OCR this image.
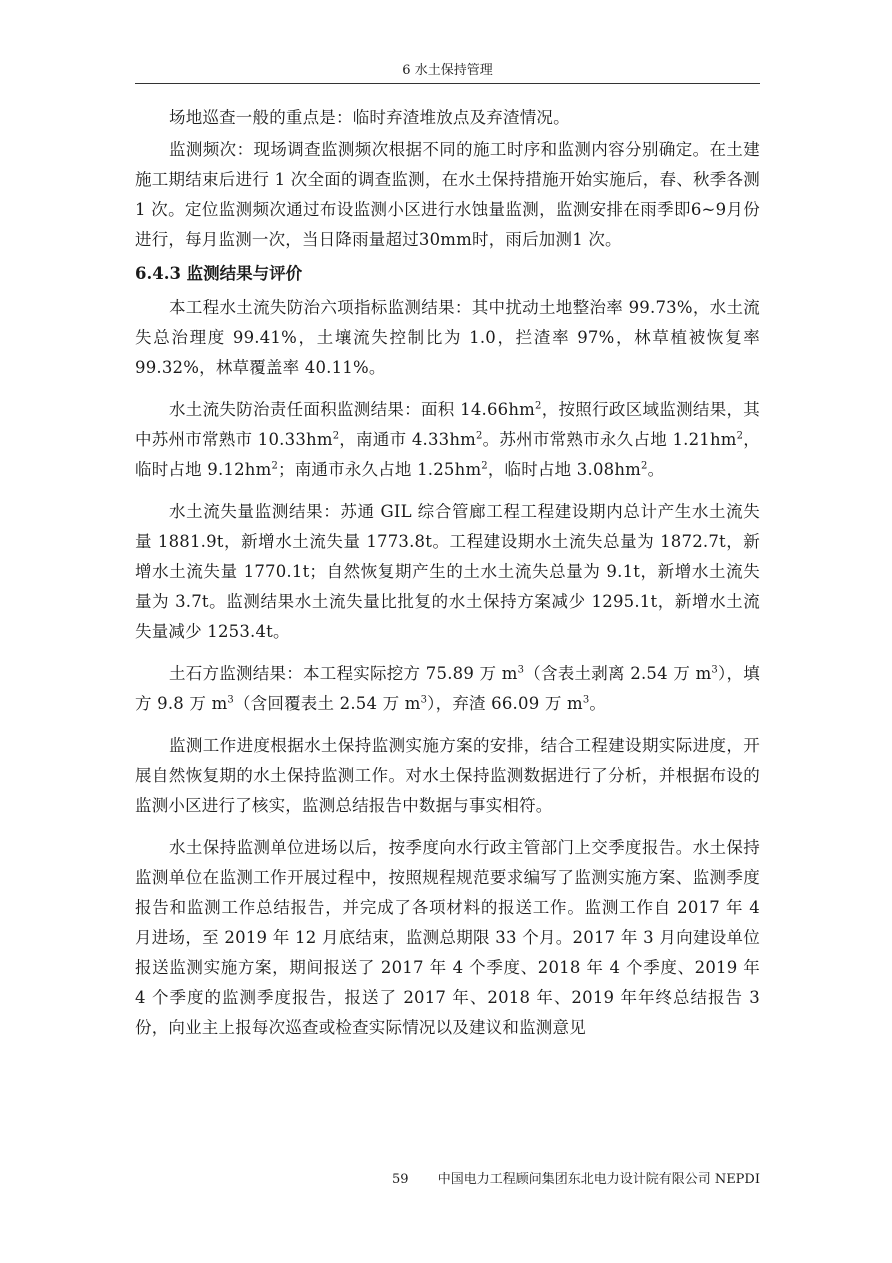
6 水土保持管理

场地巡查一般的重点是：临时弃渣堆放点及弃渣情况。

监测频次：现场调查监测频次根据不同的施工时序和监测内容分别确定。在土建施工期结束后进行 1 次全面的调查监测，在水土保持措施开始实施后，春、秋季各测 1 次。定位监测频次通过布设监测小区进行水蚀量监测，监测安排在雨季即6~9月份进行，每月监测一次，当日降雨量超过30mm时，雨后加测1 次。

6.4.3 监测结果与评价

本工程水土流失防治六项指标监测结果：其中扰动土地整治率 99.73%，水土流失总治理度 99.41%，土壤流失控制比为 1.0，拦渣率 97%，林草植被恢复率 99.32%，林草覆盖率 40.11%。

水土流失防治责任面积监测结果：面积 $14.66hm^2$，按照行政区域监测结果，其中苏州市常熟市 $10.33hm^2$，南通市 $4.33hm^2$。苏州市常熟市永久占地 $1.21hm^2$，临时占地 $9.12hm^2$；南通市永久占地 $1.25hm^2$，临时占地 $3.08hm^2$。

水土流失量监测结果：苏通 GIL 综合管廊工程工程建设期内总计产生水土流失量 1881.9t，新增水土流失量 1773.8t。工程建设期水土流失总量为 1872.7t，新增水土流失量 1770.1t；自然恢复期产生的土水土流失总量为 9.1t，新增水土流失量为 3.7t。监测结果水土流失量比批复的水土保持方案减少 1295.1t，新增水土流失量减少 1253.4t。

土石方监测结果：本工程实际挖方 75.89 万 $m^3$（含表土剥离 2.54 万 $m^3$），填方 9.8 万 $m^3$（含回覆表土 2.54 万 $m^3$），弃渣 66.09 万 $m^3$。

监测工作进度根据水土保持监测实施方案的安排，结合工程建设期实际进度，开展自然恢复期的水土保持监测工作。对水土保持监测数据进行了分析，并根据布设的监测小区进行了核实，监测总结报告中数据与事实相符。

水土保持监测单位进场以后，按季度向水行政主管部门上交季度报告。水土保持监测单位在监测工作开展过程中，按照规程规范要求编写了监测实施方案、监测季度报告和监测工作总结报告，并完成了各项材料的报送工作。监测工作自 2017 年 4 月进场，至 2019 年 12 月底结束，监测总期限 33 个月。2017 年 3 月向建设单位报送监测实施方案，期间报送了 2017 年 4 个季度、2018 年 4 个季度、2019 年 4 个季度的监测季度报告，报送了 2017 年、2018 年、2019 年年终总结报告 3 份，向业主上报每次巡查或检查实际情况以及建议和监测意见

59 中国电力工程顾问集团东北电力设计院有限公司 NEPDI
